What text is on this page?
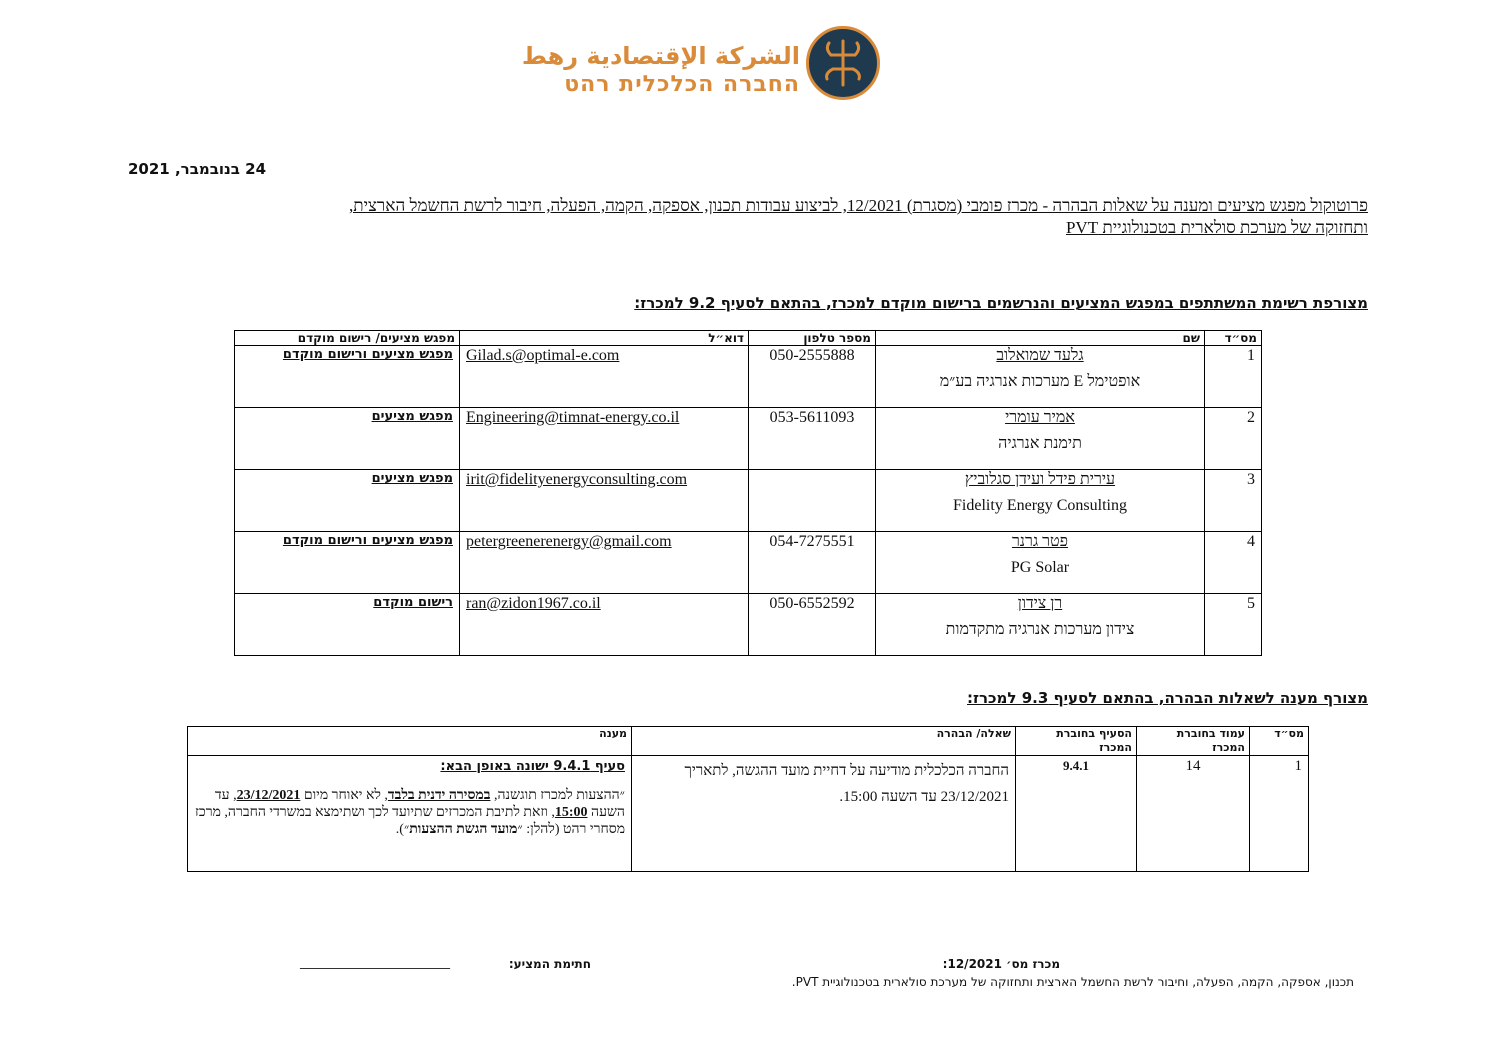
الشركة الإقتصادية رهط
החברה הכלכלית רהט
24 בנובמבר, 2021
פרוטוקול מפגש מציעים ומענה על שאלות הבהרה - מכרז פומבי (מסגרת) 12/2021, לביצוע עבודות תכנון, אספקה, הקמה, הפעלה, חיבור לרשת החשמל הארצית,
ותחזוקה של מערכת סולארית בטכנולוגיית PVT
מצורפת רשימת המשתתפים במפגש המציעים והנרשמים ברישום מוקדם למכרז, בהתאם לסעיף 9.2 למכרז:
מס״ד	שם	מספר טלפון	דוא״ל	מפגש מציעים/ רישום מוקדם
1	גלעד שמואלוב
אופטימל E מערכות אנרגיה בע״מ	050-2555888	Gilad.s@optimal-e.com	מפגש מציעים ורישום מוקדם
2	אמיר עומרי
תימנת אנרגיה	053-5611093	Engineering@timnat-energy.co.il	מפגש מציעים
3	עירית פידל ועידן סגלוביץ
Fidelity Energy Consulting		irit@fidelityenergyconsulting.com	מפגש מציעים
4	פטר גרנר
PG Solar	054-7275551	petergreenerenergy@gmail.com	מפגש מציעים ורישום מוקדם
5	רן צידון
צידון מערכות אנרגיה מתקדמות	050-6552592	ran@zidon1967.co.il	רישום מוקדם
מצורף מענה לשאלות הבהרה, בהתאם לסעיף 9.3 למכרז:
מס״ד	עמוד בחוברת המכרז	הסעיף בחוברת המכרז	שאלה/ הבהרה	מענה
1	14	9.4.1	החברה הכלכלית מודיעה על דחיית מועד ההגשה, לתאריך 23/12/2021 עד השעה 15:00.	סעיף 9.4.1 ישונה באופן הבא:
״ההצעות למכרז תוגשנה, במסירה ידנית בלבד, לא יאוחר מיום 23/12/2021, עד השעה 15:00, וזאת לתיבת המכרזים שתיועד לכך ושתימצא במשרדי החברה, מרכז מסחרי רהט (להלן: ״מועד הגשת ההצעות״).
מכרז מס׳ 12/2021:
תכנון, אספקה, הקמה, הפעלה, וחיבור לרשת החשמל הארצית ותחזוקה של מערכת סולארית בטכנולוגיית PVT.
חתימת המציע:
_________________________
